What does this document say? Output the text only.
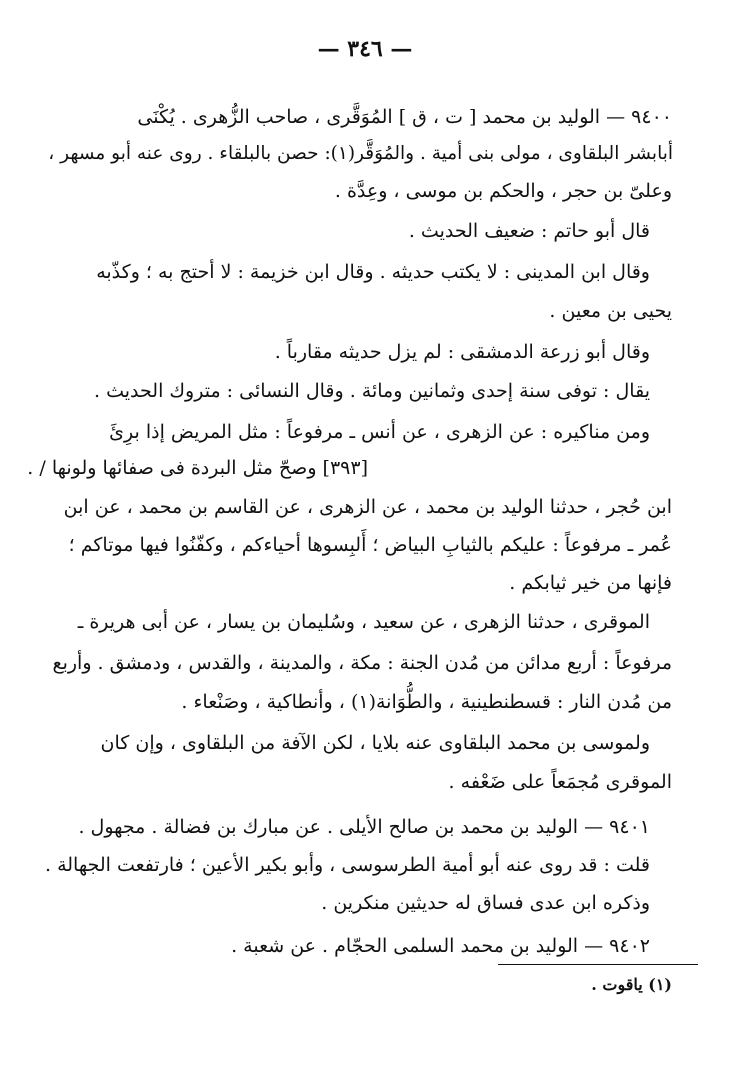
— ٣٤٦ —
٩٤٠٠ — الوليد بن محمد [ ت ، ق ] المُوَقَّرى ، صاحب الزُّهرى . يُكْنَى
أبابشر البلقاوى ، مولى بنى أمية . والمُوَقَّر(١): حصن بالبلقاء . روى عنه أبو مسهر ،
وعلىّ بن حجر ، والحكم بن موسى ، وعِدَّة .
قال أبو حاتم : ضعيف الحديث .
وقال ابن المدينى : لا يكتب حديثه . وقال ابن خزيمة : لا أحتج به ؛ وكذّبه
يحيى بن معين .
وقال أبو زرعة الدمشقى : لم يزل حديثه مقارباً .
يقال : توفى سنة إحدى وثمانين ومائة . وقال النسائى : متروك الحديث .
ومن مناكيره : عن الزهرى ، عن أنس ـ مرفوعاً : مثل المريض إذا برِئَ
[٣٩٣] وصحّ مثل البردة فى صفائها ولونها / .
ابن حُجر ، حدثنا الوليد بن محمد ، عن الزهرى ، عن القاسم بن محمد ، عن ابن
عُمر ـ مرفوعاً : عليكم بالثيابِ البياض ؛ أَلبِسوها أحياءكم ، وكفّنُوا فيها موتاكم ؛
فإنها من خير ثيابكم .
الموقرى ، حدثنا الزهرى ، عن سعيد ، وسُليمان بن يسار ، عن أبى هريرة ـ
مرفوعاً : أربع مدائن من مُدن الجنة : مكة ، والمدينة ، والقدس ، ودمشق . وأربع
من مُدن النار : قسطنطينية ، والطُّوَانة(١) ، وأنطاكية ، وصَنْعاء .
ولموسى بن محمد البلقاوى عنه بلايا ، لكن الآفة من البلقاوى ، وإن كان
الموقرى مُجمَعاً على ضَعْفه .
٩٤٠١ — الوليد بن محمد بن صالح الأيلى . عن مبارك بن فضالة . مجهول .
قلت : قد روى عنه أبو أمية الطرسوسى ، وأبو بكير الأعين ؛ فارتفعت الجهالة .
وذكره ابن عدى فساق له حديثين منكرين .
٩٤٠٢ — الوليد بن محمد السلمى الحجّام . عن شعبة .
(١) ياقوت .
